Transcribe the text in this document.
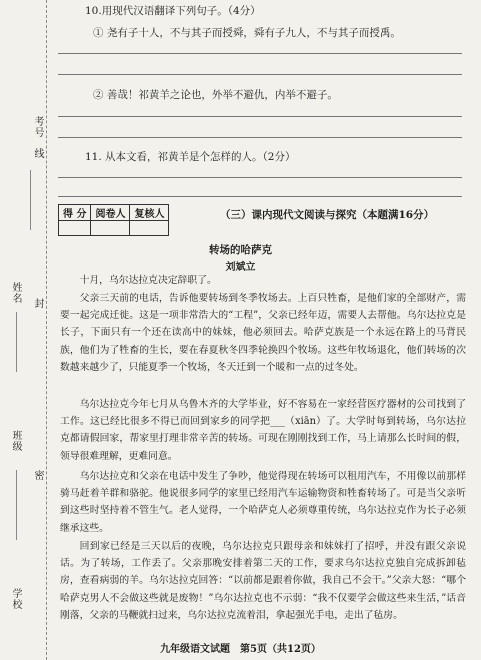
考号
线
姓名 封
班级
密
学校
10.用现代汉语翻译下列句子。（4分）
① 尧有子十人，不与其子而授舜，舜有子九人，不与其子而授禹。
② 善哉！祁黄羊之论也，外举不避仇，内举不避子。
11. 从本文看，祁黄羊是个怎样的人。（2分）
得 分	阅卷人	复核人
			（三）课内现代文阅读与探究（本题满16分）
转场的哈萨克
刘斌立
十月，乌尔达拉克决定辞职了。
父亲三天前的电话，告诉他要转场到冬季牧场去。上百只牲畜，是他们家的全部财产，需要一起完成迁徙。这是一项非常浩大的“工程”，父亲已经年迈，需要人去帮他。乌尔达拉克是长子，下面只有一个还在读高中的妹妹，他必须回去。哈萨克族是一个永远在路上的马背民族，他们为了牲畜的生长，要在春夏秋冬四季轮换四个牧场。这些年牧场退化，他们转场的次数越来越少了，只能夏季一个牧场，冬天迁到一个暖和一点的过冬处。
乌尔达拉克今年七月从乌鲁木齐的大学毕业，好不容易在一家经营医疗器材的公司找到了工作。这已经比很多不得已而回到家乡的同学把___（xiān）了。大学时每到转场，乌尔达拉克都请假回家，帮家里打理非常辛苦的转场。可现在刚刚找到工作，马上请那么长时间的假，领导很难理解，更难同意。
乌尔达拉克和父亲在电话中发生了争吵，他觉得现在转场可以租用汽车，不用像以前那样骑马赶着羊群和骆驼。他说很多同学的家里已经用汽车运输物资和牲畜转场了。可是当父亲听到这些时坚持着不管生气。老人觉得，一个哈萨克人必须尊重传统，乌尔达拉克作为长子必须继承这些。
回到家已经是三天以后的夜晚，乌尔达拉克只跟母亲和妹妹打了招呼，并没有跟父亲说话。为了转场，工作丢了。父亲那晚安排着第二天的工作，要求乌尔达拉克独自完成拆卸毡房，查看病弱的羊。乌尔达拉克回答：“以前都是跟着你做，我自己不会干。”父亲大怒：“哪个哈萨克男人不会做这些就是废物！”乌尔达拉克也不示弱：“我不仅要学会做这些来生活，”话音刚落，父亲的马鞭就扫过来，乌尔达拉克流着泪，拿起强光手电，走出了毡房。
九年级语文试题　第5页（共12页）
